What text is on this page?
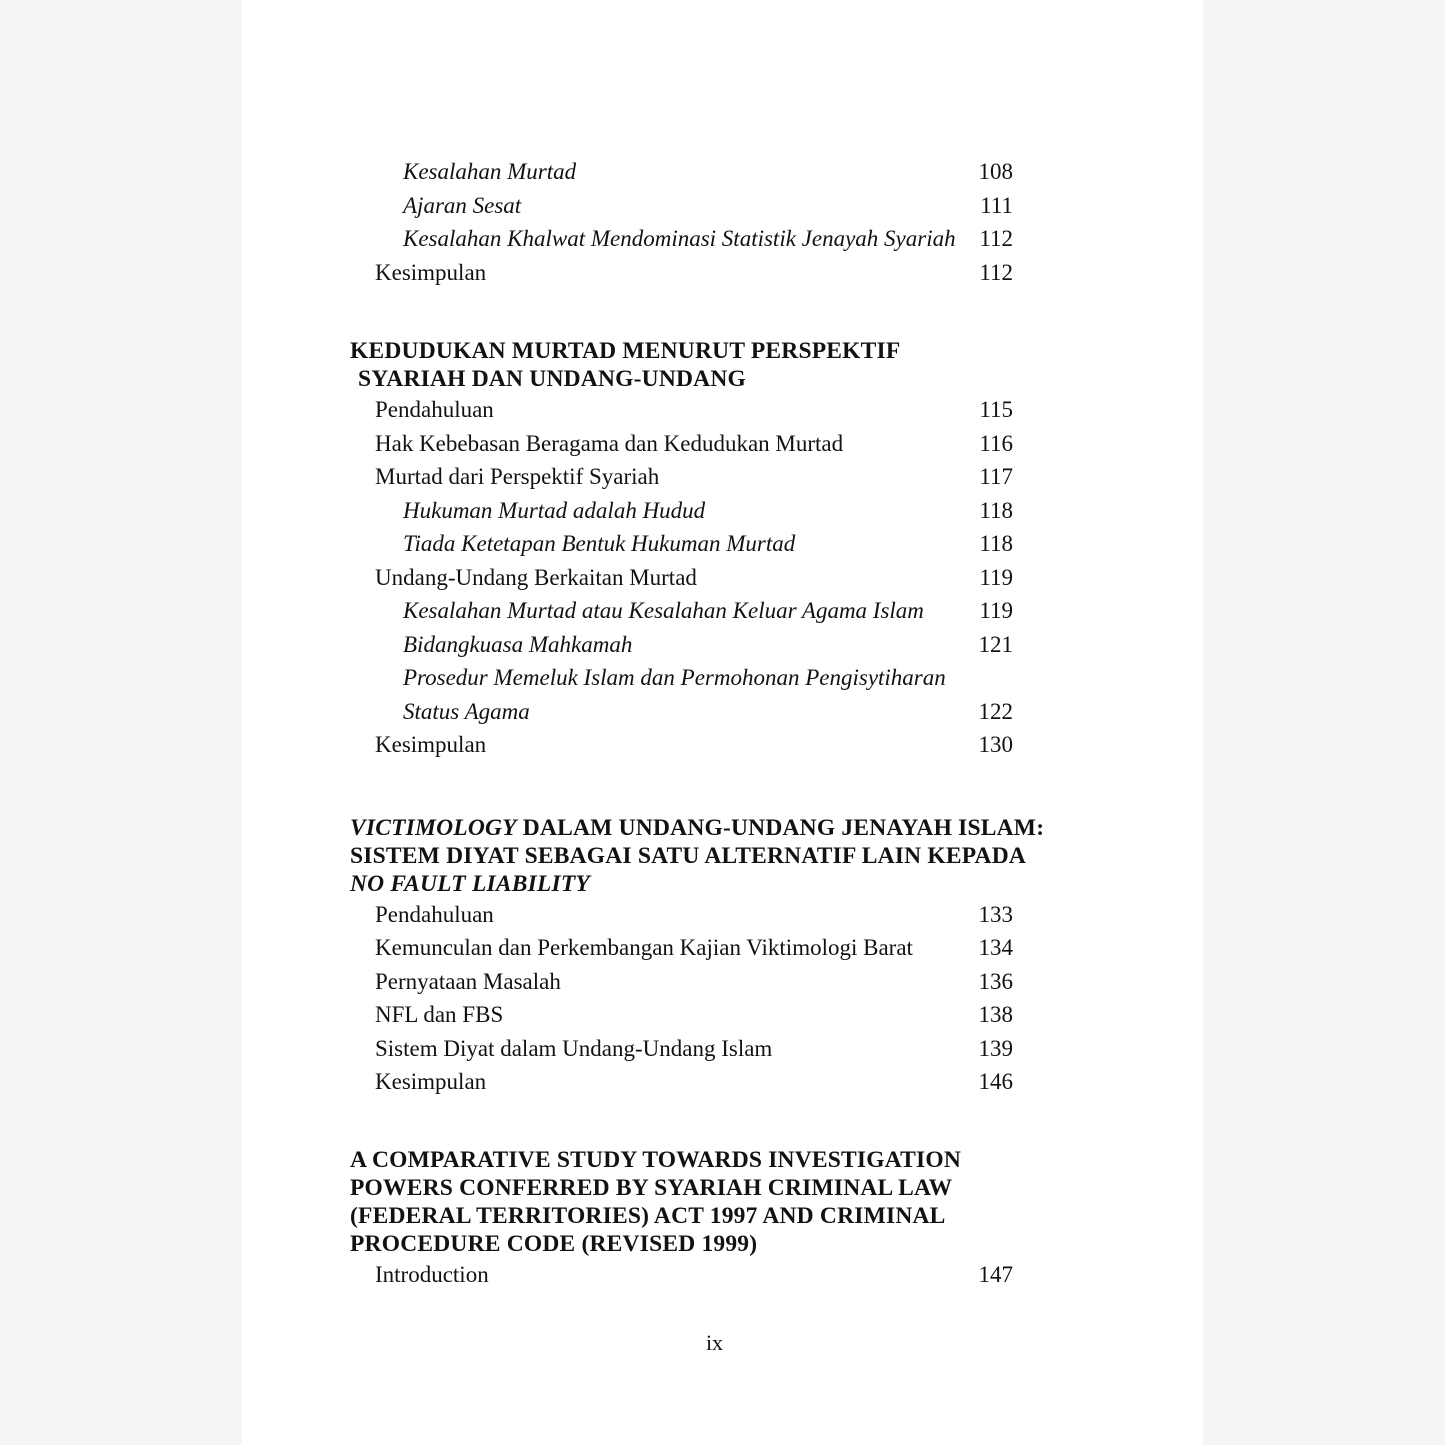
Kesalahan Murtad	108
Ajaran Sesat	111
Kesalahan Khalwat Mendominasi Statistik Jenayah Syariah	112
Kesimpulan	112
KEDUDUKAN MURTAD MENURUT PERSPEKTIF
SYARIAH DAN UNDANG-UNDANG
Pendahuluan	115
Hak Kebebasan Beragama dan Kedudukan Murtad	116
Murtad dari Perspektif Syariah	117
Hukuman Murtad adalah Hudud	118
Tiada Ketetapan Bentuk Hukuman Murtad	118
Undang-Undang Berkaitan Murtad	119
Kesalahan Murtad atau Kesalahan Keluar Agama Islam	119
Bidangkuasa Mahkamah	121
Prosedur Memeluk Islam dan Permohonan Pengisytiharan
Status Agama	122
Kesimpulan	130
VICTIMOLOGY DALAM UNDANG-UNDANG JENAYAH ISLAM:
SISTEM DIYAT SEBAGAI SATU ALTERNATIF LAIN KEPADA
NO FAULT LIABILITY
Pendahuluan	133
Kemunculan dan Perkembangan Kajian Viktimologi Barat	134
Pernyataan Masalah	136
NFL dan FBS	138
Sistem Diyat dalam Undang-Undang Islam	139
Kesimpulan	146
A COMPARATIVE STUDY TOWARDS INVESTIGATION
POWERS CONFERRED BY SYARIAH CRIMINAL LAW
(FEDERAL TERRITORIES) ACT 1997 AND CRIMINAL
PROCEDURE CODE (REVISED 1999)
Introduction	147
ix
